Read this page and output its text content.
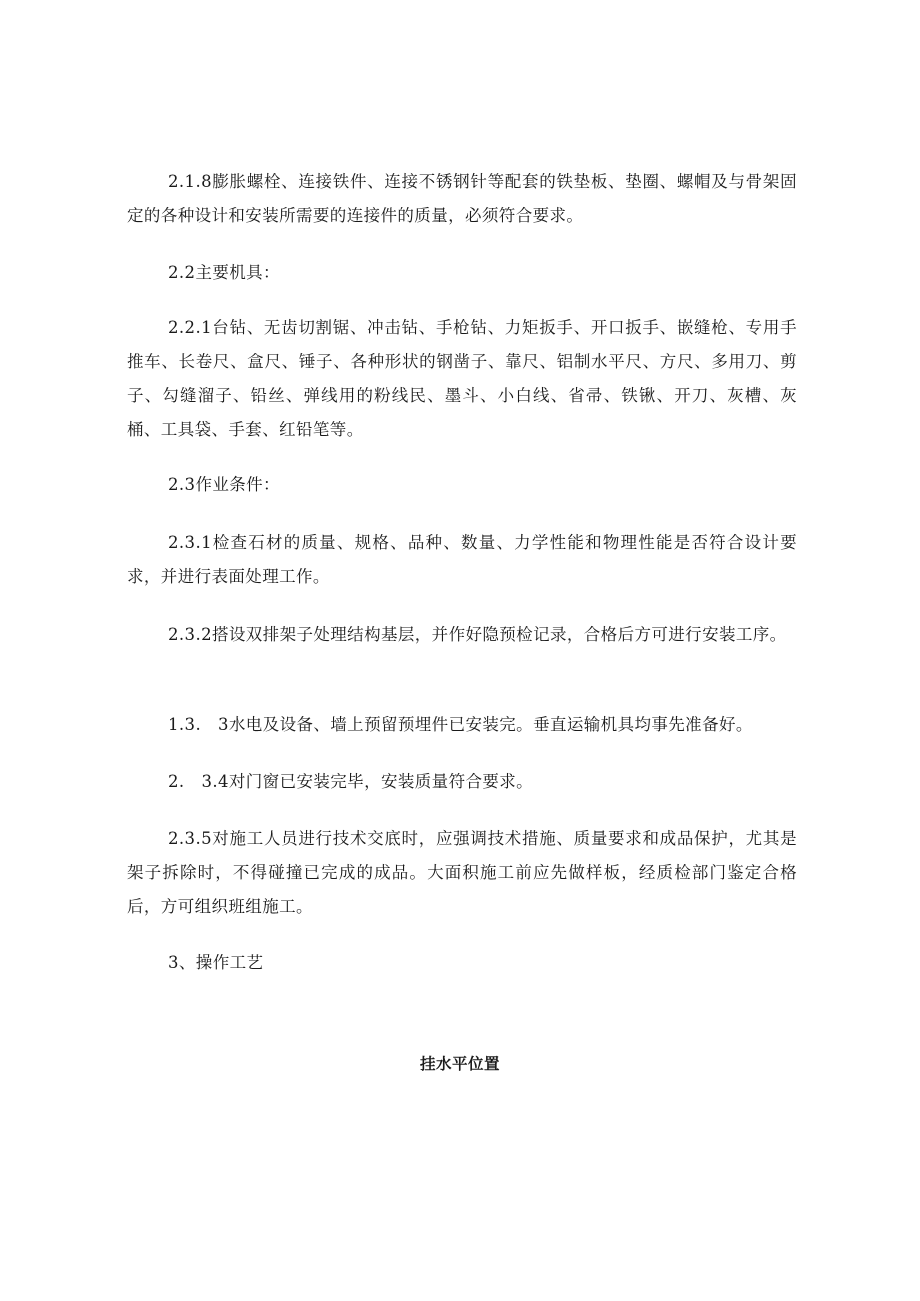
2.1.8膨胀螺栓、连接铁件、连接不锈钢针等配套的铁垫板、垫圈、螺帽及与骨架固定的各种设计和安装所需要的连接件的质量，必须符合要求。

2.2主要机具：

2.2.1台钻、无齿切割锯、冲击钻、手枪钻、力矩扳手、开口扳手、嵌缝枪、专用手推车、长卷尺、盒尺、锤子、各种形状的钢凿子、靠尺、铝制水平尺、方尺、多用刀、剪子、勾缝溜子、铅丝、弹线用的粉线民、墨斗、小白线、省帚、铁锹、开刀、灰槽、灰桶、工具袋、手套、红铅笔等。

2.3作业条件：

2.3.1检查石材的质量、规格、品种、数量、力学性能和物理性能是否符合设计要求，并进行表面处理工作。

2.3.2搭设双排架子处理结构基层，并作好隐预检记录，合格后方可进行安装工序。

1.3.　3水电及设备、墙上预留预埋件已安装完。垂直运输机具均事先准备好。

2.　3.4对门窗已安装完毕，安装质量符合要求。

2.3.5对施工人员进行技术交底时，应强调技术措施、质量要求和成品保护，尤其是架子拆除时，不得碰撞已完成的成品。大面积施工前应先做样板，经质检部门鉴定合格后，方可组织班组施工。

3、操作工艺

挂水平位置
